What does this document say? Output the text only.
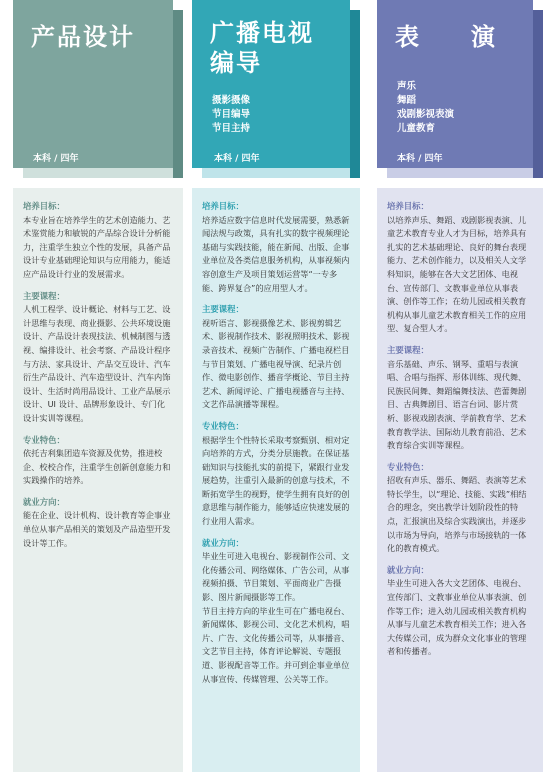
产品设计
本科 / 四年
培养目标：
本专业旨在培养学生的艺术创造能力、艺术鉴赏能力和敏锐的产品综合设计分析能力，注重学生独立个性的发展，具备产品设计专业基础理论知识与应用能力，能适应产品设计行业的发展需求。
主要课程：
人机工程学、设计概论、材料与工艺、设计思维与表现、商业摄影、公共环境设施设计、产品设计表现技法、机械制图与透视、编排设计、社会考察、产品设计程序与方法、家具设计、产品交互设计、汽车衍生产品设计、汽车造型设计、汽车内饰设计、生活时尚用品设计、工业产品展示设计、UI 设计、品牌形象设计、专门化设计实训等课程。
专业特色：
依托吉利集团造车资源及优势，推进校企、校校合作，注重学生创新创意能力和实践操作的培养。
就业方向：
能在企业、设计机构、设计教育等企事业单位从事产品相关的策划及产品造型开发设计等工作。
广播电视
编导
摄影摄像
节目编导
节目主持
本科 / 四年
培养目标：
培养适应数字信息时代发展需要，熟悉新闻法规与政策，具有扎实的数字视频理论基础与实践技能，能在新闻、出版、企事业单位及各类信息服务机构，从事视频内容创意生产及项目策划运营等“一专多能、跨界复合”的应用型人才。
主要课程：
视听语言、影视摄像艺术、影视剪辑艺术、影视制作技术、影视照明技术、影视录音技术、视频广告制作、广播电视栏目与节目策划、广播电视导演、纪录片创作、微电影创作、播音学概论、节目主持艺术、新闻评论、广播电视播音与主持、文艺作品演播等课程。
专业特色：
根据学生个性特长采取考察甄别、相对定向培养的方式，分类分层施教。在保证基础知识与技能扎实的前提下，紧跟行业发展趋势，注重引入最新的创意与技术，不断拓宽学生的视野，使学生拥有良好的创意思维与制作能力，能够适应快速发展的行业用人需求。
就业方向：
毕业生可进入电视台、影视制作公司、文化传播公司、网络媒体、广告公司，从事视频拍摄、节目策划、平面商业广告摄影、图片新闻摄影等工作。
节目主持方向的毕业生可在广播电视台、新闻媒体、影视公司、文化艺术机构，唱片、广告、文化传播公司等，从事播音、文艺节目主持，体育评论解说、专题报道、影视配音等工作。并可到企事业单位从事宣传、传媒管理、公关等工作。
表 演
声乐
舞蹈
戏剧影视表演
儿童教育
本科 / 四年
培养目标：
以培养声乐、舞蹈、戏剧影视表演、儿童艺术教育专业人才为目标，培养具有扎实的艺术基础理论、良好的舞台表现能力、艺术创作能力，以及相关人文学科知识，能够在各大文艺团体、电视台、宣传部门、文教事业单位从事表演、创作等工作；在幼儿园或相关教育机构从事儿童艺术教育相关工作的应用型、复合型人才。
主要课程：
音乐基础、声乐、钢琴、重唱与表演唱、合唱与指挥、形体训练、现代舞、民族民间舞、舞蹈编舞技法、芭蕾舞剧目、古典舞剧目、语言台词、影片赏析、影视戏剧表演、学前教育学、艺术教育教学法、国际幼儿教育前沿、艺术教育综合实训等课程。
专业特色：
招收有声乐、器乐、舞蹈、表演等艺术特长学生，以“理论、技能、实践”相结合的理念，突出教学计划阶段性的特点，汇报演出及综合实践演出，并逐步以市场为导向，培养与市场接轨的一体化的教育模式。
就业方向：
毕业生可进入各大文艺团体、电视台、宣传部门、文教事业单位从事表演、创作等工作；进入幼儿园或相关教育机构从事与儿童艺术教育相关工作；进入各大传媒公司，成为群众文化事业的管理者和传播者。
